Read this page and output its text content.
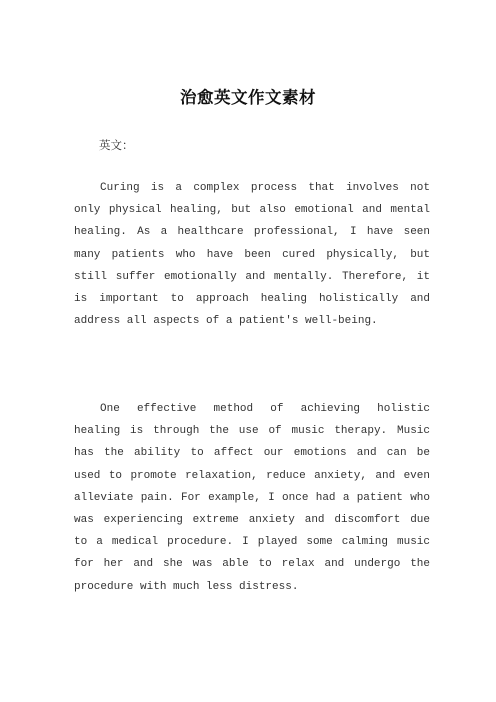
治愈英文作文素材
英文：

Curing is a complex process that involves not only physical healing, but also emotional and mental healing. As a healthcare professional, I have seen many patients who have been cured physically, but still suffer emotionally and mentally. Therefore, it is important to approach healing holistically and address all aspects of a patient's well-being.

One effective method of achieving holistic healing is through the use of music therapy. Music has the ability to affect our emotions and can be used to promote relaxation, reduce anxiety, and even alleviate pain. For example, I once had a patient who was experiencing extreme anxiety and discomfort due to a medical procedure. I played some calming music for her and she was able to relax and undergo the procedure with much less distress.
